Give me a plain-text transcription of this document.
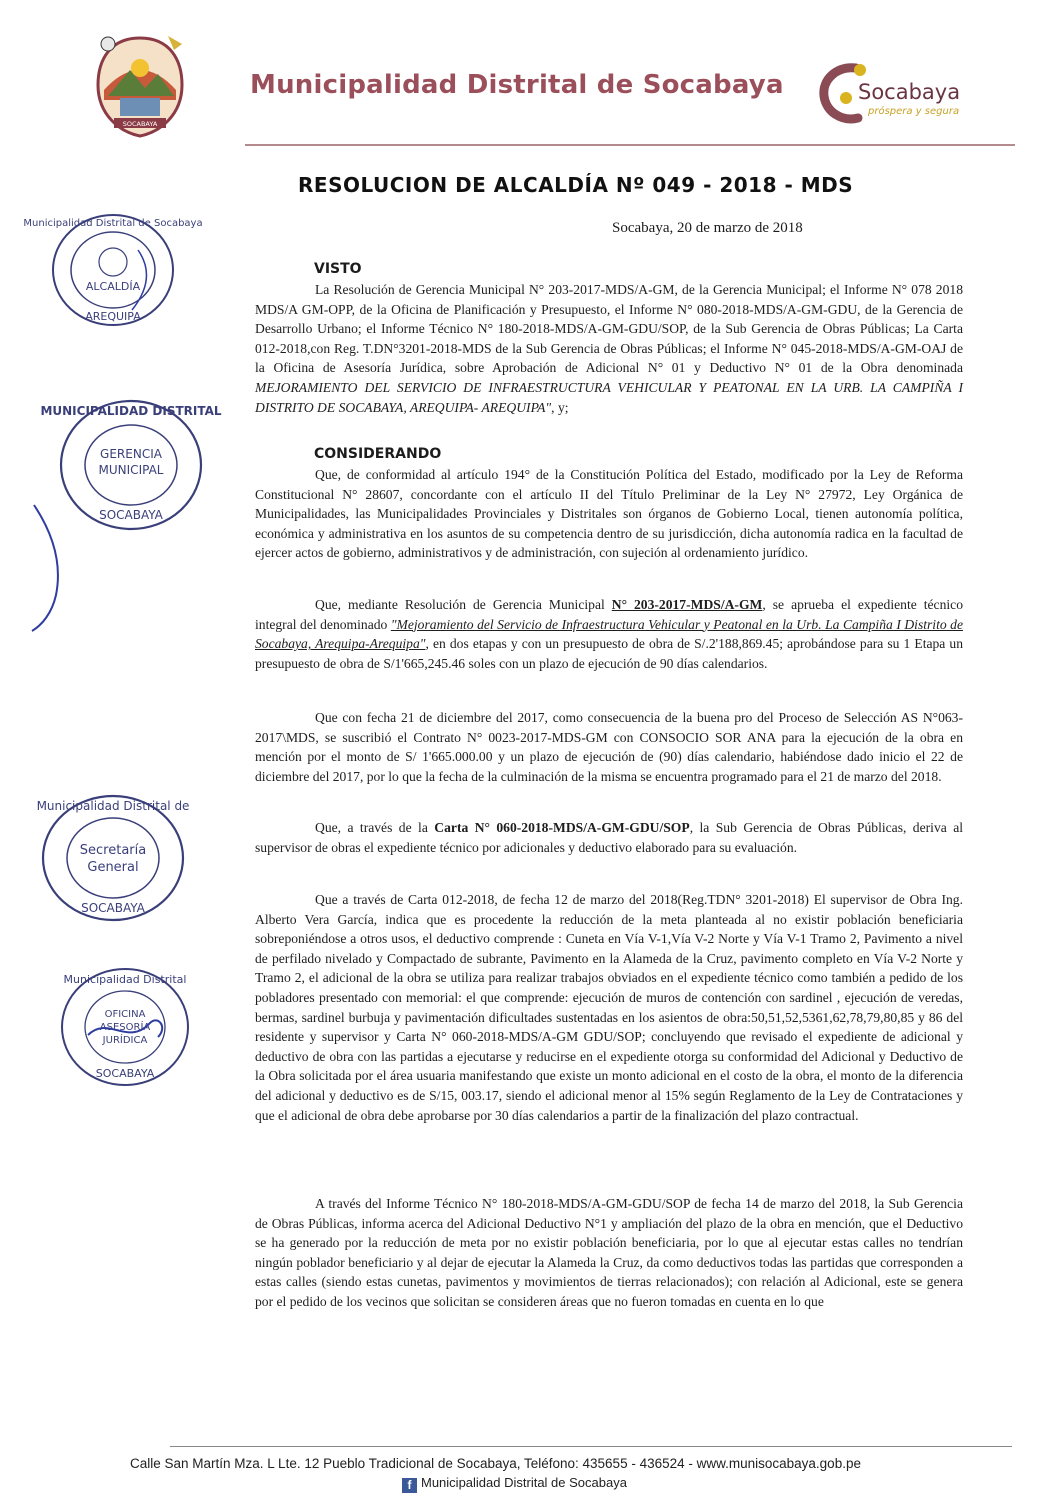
SOCABAYA
Municipalidad Distrital de Socabaya	Socabaya
próspera y segura
RESOLUCION DE ALCALDÍA Nº 049 - 2018 - MDS
Socabaya, 20 de marzo de 2018
VISTO
La Resolución de Gerencia Municipal N° 203-2017-MDS/A-GM, de la Gerencia Municipal; el Informe N° 078 2018 MDS/A GM-OPP, de la Oficina de Planificación y Presupuesto, el Informe N° 080-2018-MDS/A-GM-GDU, de la Gerencia de Desarrollo Urbano; el Informe Técnico N° 180-2018-MDS/A-GM-GDU/SOP, de la Sub Gerencia de Obras Públicas; La Carta 012-2018,con Reg. T.DN°3201-2018-MDS de la Sub Gerencia de Obras Públicas; el Informe N° 045-2018-MDS/A-GM-OAJ de la Oficina de Asesoría Jurídica, sobre Aprobación de Adicional N° 01 y Deductivo N° 01 de la Obra denominada MEJORAMIENTO DEL SERVICIO DE INFRAESTRUCTURA VEHICULAR Y PEATONAL EN LA URB. LA CAMPIÑA I DISTRITO DE SOCABAYA, AREQUIPA- AREQUIPA", y;
CONSIDERANDO
Que, de conformidad al artículo 194° de la Constitución Política del Estado, modificado por la Ley de Reforma Constitucional N° 28607, concordante con el artículo II del Título Preliminar de la Ley N° 27972, Ley Orgánica de Municipalidades, las Municipalidades Provinciales y Distritales son órganos de Gobierno Local, tienen autonomía política, económica y administrativa en los asuntos de su competencia dentro de su jurisdicción, dicha autonomía radica en la facultad de ejercer actos de gobierno, administrativos y de administración, con sujeción al ordenamiento jurídico.
Que, mediante Resolución de Gerencia Municipal N° 203-2017-MDS/A-GM, se aprueba el expediente técnico integral del denominado "Mejoramiento del Servicio de Infraestructura Vehicular y Peatonal en la Urb. La Campiña I Distrito de Socabaya, Arequipa-Arequipa", en dos etapas y con un presupuesto de obra de S/.2'188,869.45; aprobándose para su 1 Etapa un presupuesto de obra de S/1'665,245.46 soles con un plazo de ejecución de 90 días calendarios.
Que con fecha 21 de diciembre del 2017, como consecuencia de la buena pro del Proceso de Selección AS N°063-2017\MDS, se suscribió el Contrato N° 0023-2017-MDS-GM con CONSOCIO SOR ANA para la ejecución de la obra en mención por el monto de S/ 1'665.000.00 y un plazo de ejecución de (90) días calendario, habiéndose dado inicio el 22 de diciembre del 2017, por lo que la fecha de la culminación de la misma se encuentra programado para el 21 de marzo del 2018.
Que, a través de la Carta N° 060-2018-MDS/A-GM-GDU/SOP, la Sub Gerencia de Obras Públicas, deriva al supervisor de obras el expediente técnico por adicionales y deductivo elaborado para su evaluación.
Que a través de Carta 012-2018, de fecha 12 de marzo del 2018(Reg.TDN° 3201-2018) El supervisor de Obra Ing. Alberto Vera García, indica que es procedente la reducción de la meta planteada al no existir población beneficiaria sobreponiéndose a otros usos, el deductivo comprende : Cuneta en Vía V-1,Vía V-2 Norte y Vía V-1 Tramo 2, Pavimento a nivel de perfilado nivelado y Compactado de subrante, Pavimento en la Alameda de la Cruz, pavimento completo en Vía V-2 Norte y Tramo 2, el adicional de la obra se utiliza para realizar trabajos obviados en el expediente técnico como también a pedido de los pobladores presentado con memorial: el que comprende: ejecución de muros de contención con sardinel , ejecución de veredas, bermas, sardinel burbuja y pavimentación dificultades sustentadas en los asientos de obra:50,51,52,5361,62,78,79,80,85 y 86 del residente y supervisor y Carta N° 060-2018-MDS/A-GM GDU/SOP; concluyendo que revisado el expediente de adicional y deductivo de obra con las partidas a ejecutarse y reducirse en el expediente otorga su conformidad del Adicional y Deductivo de la Obra solicitada por el área usuaria manifestando que existe un monto adicional en el costo de la obra, el monto de la diferencia del adicional y deductivo es de S/15, 003.17, siendo el adicional menor al 15% según Reglamento de la Ley de Contrataciones y que el adicional de obra debe aprobarse por 30 días calendarios a partir de la finalización del plazo contractual.
A través del Informe Técnico N° 180-2018-MDS/A-GM-GDU/SOP de fecha 14 de marzo del 2018, la Sub Gerencia de Obras Públicas, informa acerca del Adicional Deductivo N°1 y ampliación del plazo de la obra en mención, que el Deductivo se ha generado por la reducción de meta por no existir población beneficiaria, por lo que al ejecutar estas calles no tendrían ningún poblador beneficiario y al dejar de ejecutar la Alameda la Cruz, da como deductivos todas las partidas que corresponden a estas calles (siendo estas cunetas, pavimentos y movimientos de tierras relacionados); con relación al Adicional, este se genera por el pedido de los vecinos que solicitan se consideren áreas que no fueron tomadas en cuenta en lo que
Municipalidad Distrital de Socabaya
ALCALDÍA
AREQUIPA
MUNICIPALIDAD DISTRITAL
GERENCIA
MUNICIPAL
SOCABAYA
Municipalidad Distrital de
Secretaría
General
SOCABAYA
Municipalidad Distrital
OFICINA
ASESORÍA
JURÍDICA
SOCABAYA
Calle San Martín Mza. L Lte. 12 Pueblo Tradicional de Socabaya, Teléfono: 435655 - 436524 - www.munisocabaya.gob.pe
f Municipalidad Distrital de Socabaya
